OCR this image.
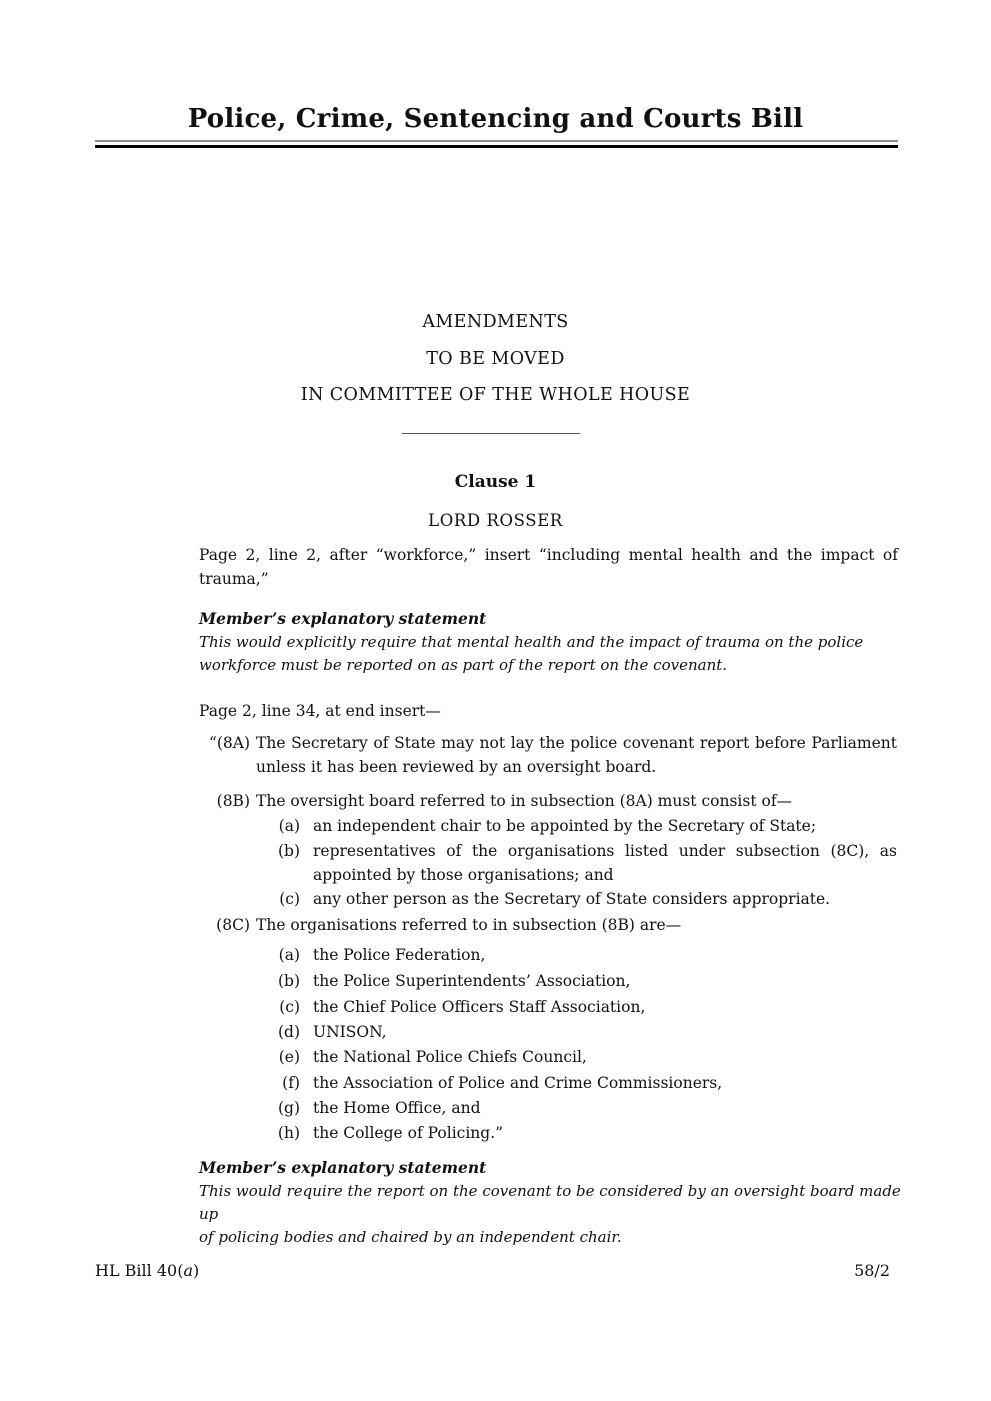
Police, Crime, Sentencing and Courts Bill
AMENDMENTS
TO BE MOVED
IN COMMITTEE OF THE WHOLE HOUSE
Clause 1
LORD ROSSER
Page 2, line 2, after “workforce,” insert “including mental health and the impact of
trauma,”
Member’s explanatory statement
This would explicitly require that mental health and the impact of trauma on the police
workforce must be reported on as part of the report on the covenant.
Page 2, line 34, at end insert—
“(8A) The Secretary of State may not lay the police covenant report before Parliament
unless it has been reviewed by an oversight board.
(8B) The oversight board referred to in subsection (8A) must consist of—
(a) an independent chair to be appointed by the Secretary of State;
(b) representatives of the organisations listed under subsection (8C), as
appointed by those organisations; and
(c) any other person as the Secretary of State considers appropriate.
(8C) The organisations referred to in subsection (8B) are—
(a) the Police Federation,
(b) the Police Superintendents’ Association,
(c) the Chief Police Officers Staff Association,
(d) UNISON,
(e) the National Police Chiefs Council,
(f) the Association of Police and Crime Commissioners,
(g) the Home Office, and
(h) the College of Policing.”
Member’s explanatory statement
This would require the report on the covenant to be considered by an oversight board made up
of policing bodies and chaired by an independent chair.
HL Bill 40(a)	58/2
